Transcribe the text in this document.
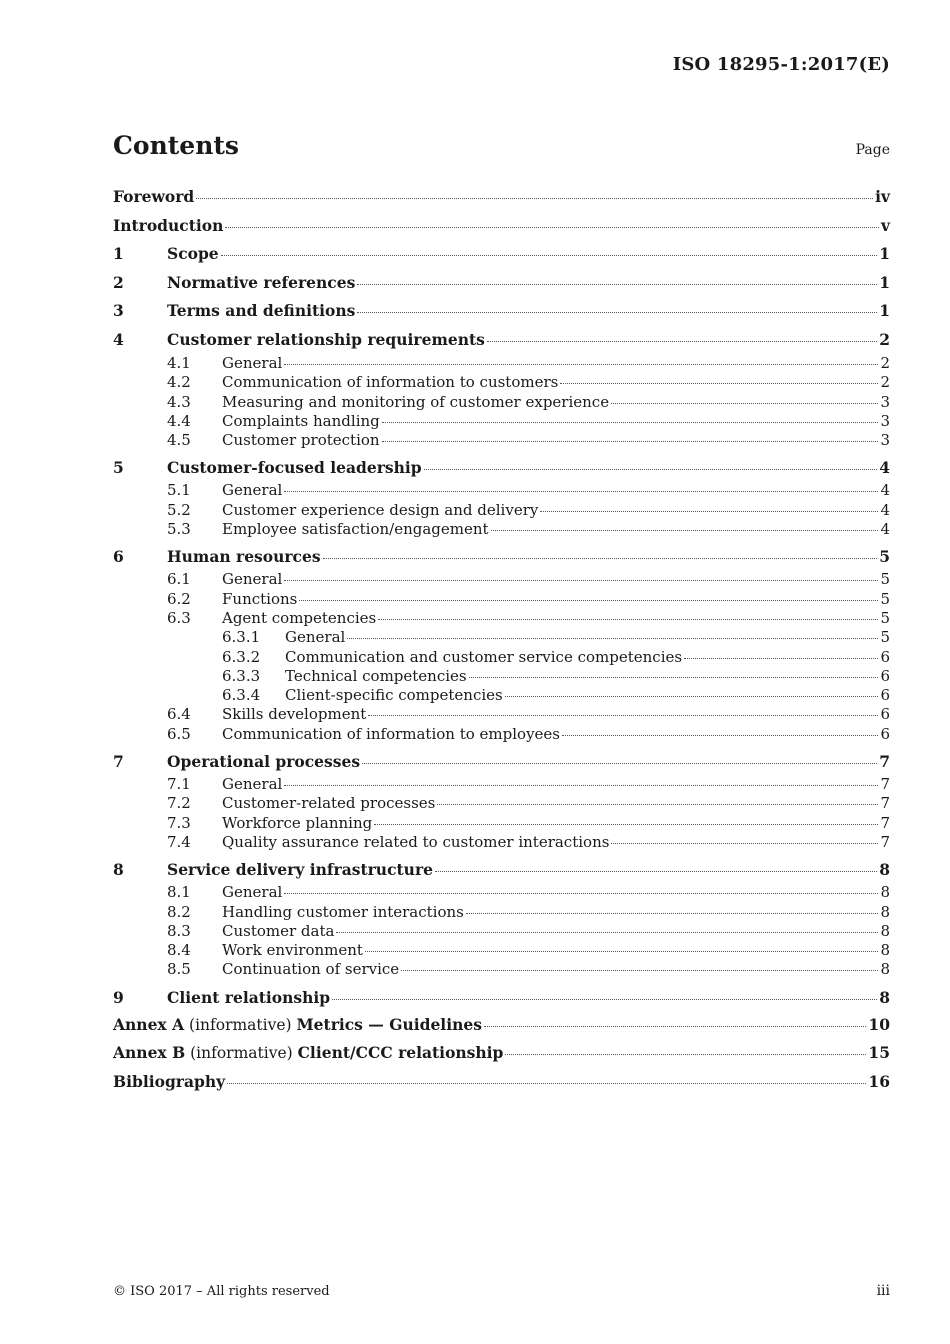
ISO 18295-1:2017(E)
Contents	Page
Foreword	iv
Introduction	v
1	Scope	1
2	Normative references	1
3	Terms and definitions	1
4	Customer relationship requirements	2
4.1	General	2
4.2	Communication of information to customers	2
4.3	Measuring and monitoring of customer experience	3
4.4	Complaints handling	3
4.5	Customer protection	3
5	Customer-focused leadership	4
5.1	General	4
5.2	Customer experience design and delivery	4
5.3	Employee satisfaction/engagement	4
6	Human resources	5
6.1	General	5
6.2	Functions	5
6.3	Agent competencies	5
6.3.1	General	5
6.3.2	Communication and customer service competencies	6
6.3.3	Technical competencies	6
6.3.4	Client-specific competencies	6
6.4	Skills development	6
6.5	Communication of information to employees	6
7	Operational processes	7
7.1	General	7
7.2	Customer-related processes	7
7.3	Workforce planning	7
7.4	Quality assurance related to customer interactions	7
8	Service delivery infrastructure	8
8.1	General	8
8.2	Handling customer interactions	8
8.3	Customer data	8
8.4	Work environment	8
8.5	Continuation of service	8
9	Client relationship	8
Annex A (informative) Metrics — Guidelines	10
Annex B (informative) Client/CCC relationship	15
Bibliography	16
© ISO 2017 – All rights reserved	iii
